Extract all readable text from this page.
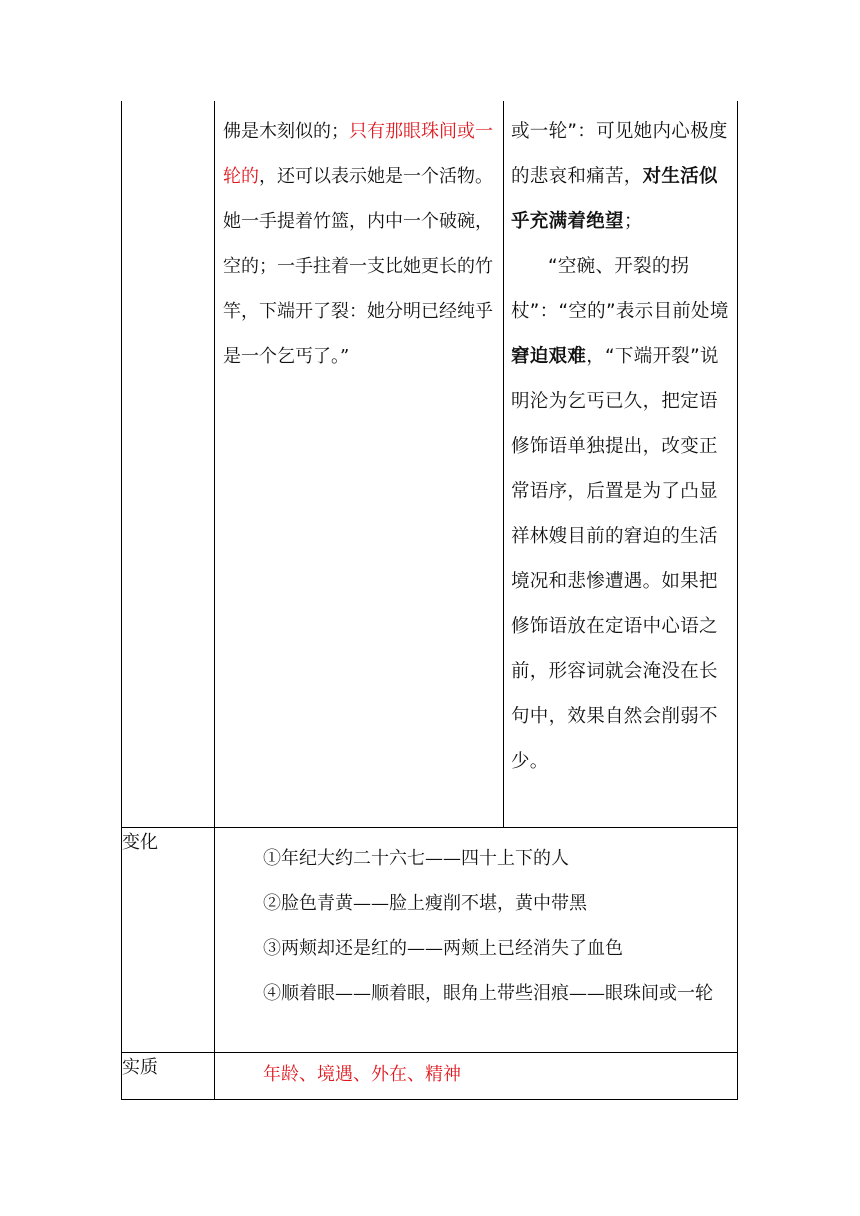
	佛是木刻似的；只有那眼珠间或一轮的，还可以表示她是一个活物。她一手提着竹篮，内中一个破碗，空的；一手拄着一支比她更长的竹竿，下端开了裂：她分明已经纯乎是一个乞丐了。”	或一轮”：可见她内心极度的悲哀和痛苦，对生活似乎充满着绝望；
“空碗、开裂的拐杖”：“空的”表示目前处境窘迫艰难，“下端开裂”说明沦为乞丐已久，把定语修饰语单独提出，改变正常语序，后置是为了凸显祥林嫂目前的窘迫的生活境况和悲惨遭遇。如果把修饰语放在定语中心语之前，形容词就会淹没在长句中，效果自然会削弱不少。

变化	①年纪大约二十六七——四十上下的人

②脸色青黄——脸上瘦削不堪，黄中带黑

③两颊却还是红的——两颊上已经消失了血色

④顺着眼——顺着眼，眼角上带些泪痕——眼珠间或一轮	

实质	年龄、境遇、外在、精神	
